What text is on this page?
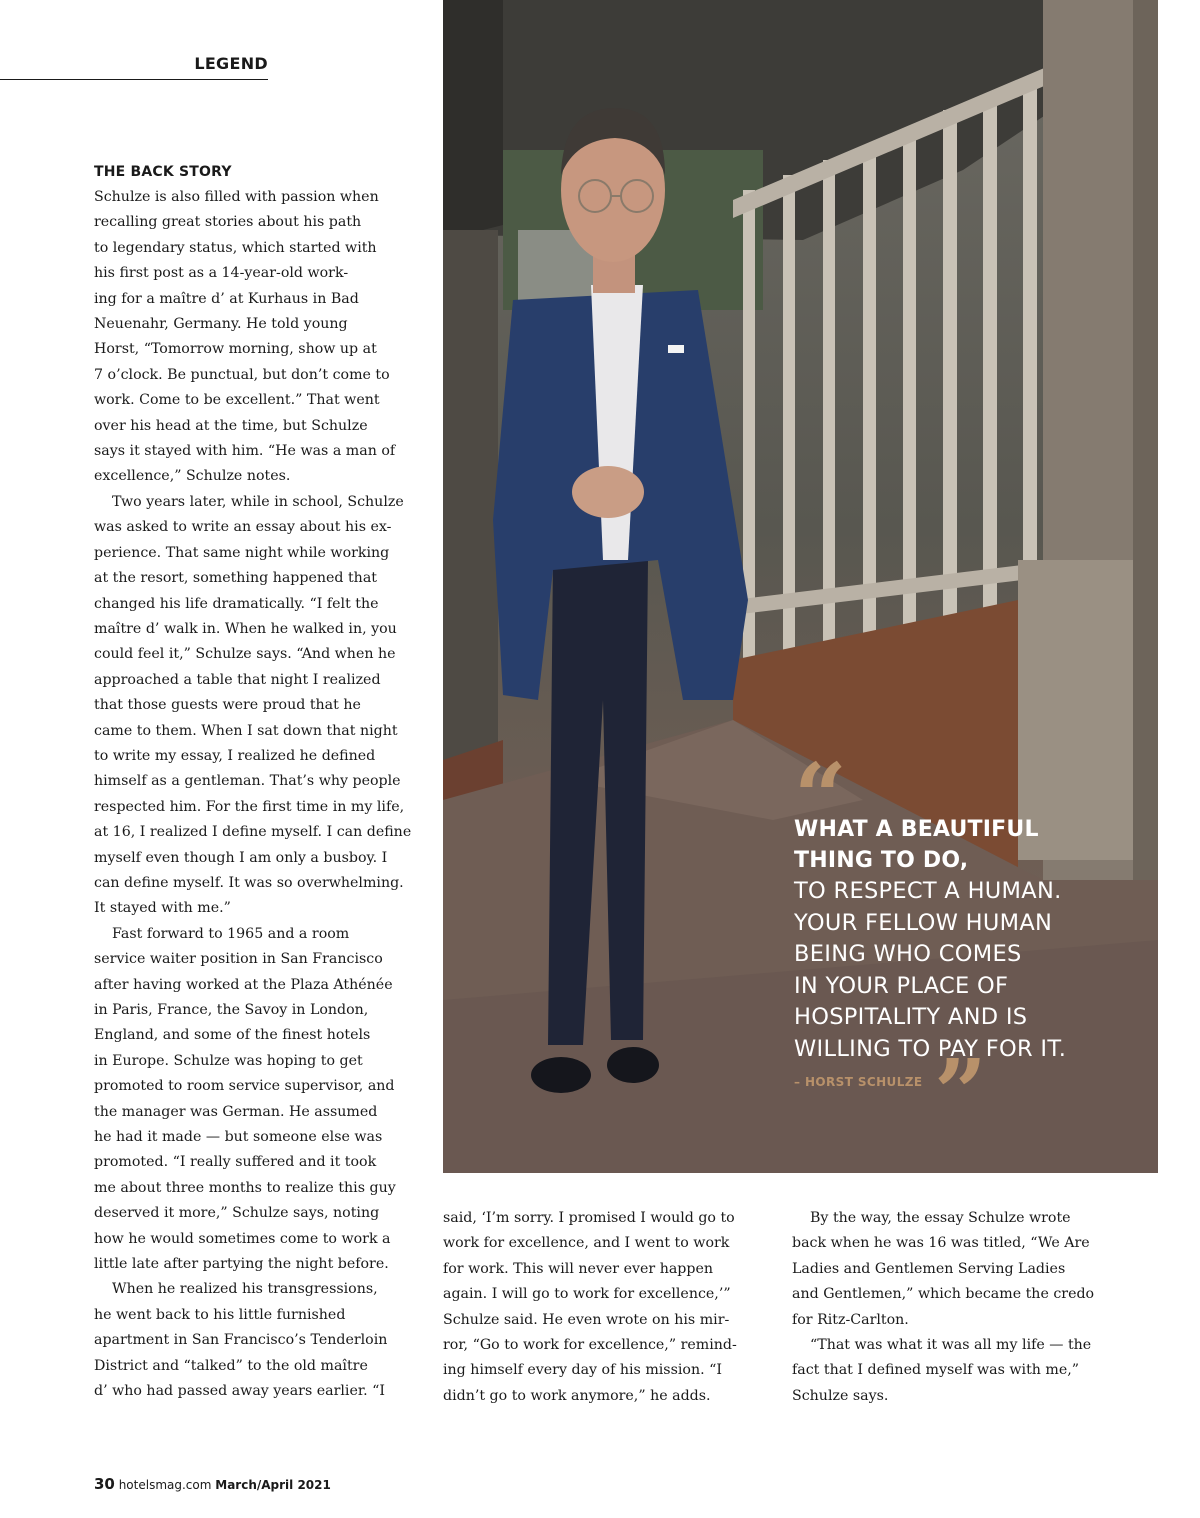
LEGEND
THE BACK STORY

Schulze is also filled with passion when
recalling great stories about his path
to legendary status, which started with
his first post as a 14-year-old work-
ing for a maître d’ at Kurhaus in Bad
Neuenahr, Germany. He told young
Horst, “Tomorrow morning, show up at
7 o’clock. Be punctual, but don’t come to
work. Come to be excellent.” That went
over his head at the time, but Schulze
says it stayed with him. “He was a man of
excellence,” Schulze notes.

Two years later, while in school, Schulze
was asked to write an essay about his ex-
perience. That same night while working
at the resort, something happened that
changed his life dramatically. “I felt the
maître d’ walk in. When he walked in, you
could feel it,” Schulze says. “And when he
approached a table that night I realized
that those guests were proud that he
came to them. When I sat down that night
to write my essay, I realized he defined
himself as a gentleman. That’s why people
respected him. For the first time in my life,
at 16, I realized I define myself. I can define
myself even though I am only a busboy. I
can define myself. It was so overwhelming.
It stayed with me.”

Fast forward to 1965 and a room
service waiter position in San Francisco
after having worked at the Plaza Athénée
in Paris, France, the Savoy in London,
England, and some of the finest hotels
in Europe. Schulze was hoping to get
promoted to room service supervisor, and
the manager was German. He assumed
he had it made — but someone else was
promoted. “I really suffered and it took
me about three months to realize this guy
deserved it more,” Schulze says, noting
how he would sometimes come to work a
little late after partying the night before.

When he realized his transgressions,
he went back to his little furnished
apartment in San Francisco’s Tenderloin
District and “talked” to the old maître
d’ who had passed away years earlier. “I

“
WHAT A BEAUTIFUL
THING TO DO,
TO RESPECT A HUMAN.
YOUR FELLOW HUMAN
BEING WHO COMES
IN YOUR PLACE OF
HOSPITALITY AND IS
WILLING TO PAY FOR IT.
– HORST SCHULZE ”

said, ‘I’m sorry. I promised I would go to
work for excellence, and I went to work
for work. This will never ever happen
again. I will go to work for excellence,’”
Schulze said. He even wrote on his mir-
ror, “Go to work for excellence,” remind-
ing himself every day of his mission. “I
didn’t go to work anymore,” he adds.

By the way, the essay Schulze wrote
back when he was 16 was titled, “We Are
Ladies and Gentlemen Serving Ladies
and Gentlemen,” which became the credo
for Ritz-Carlton.

“That was what it was all my life — the
fact that I defined myself was with me,”
Schulze says.

30 hotelsmag.com March/April 2021
